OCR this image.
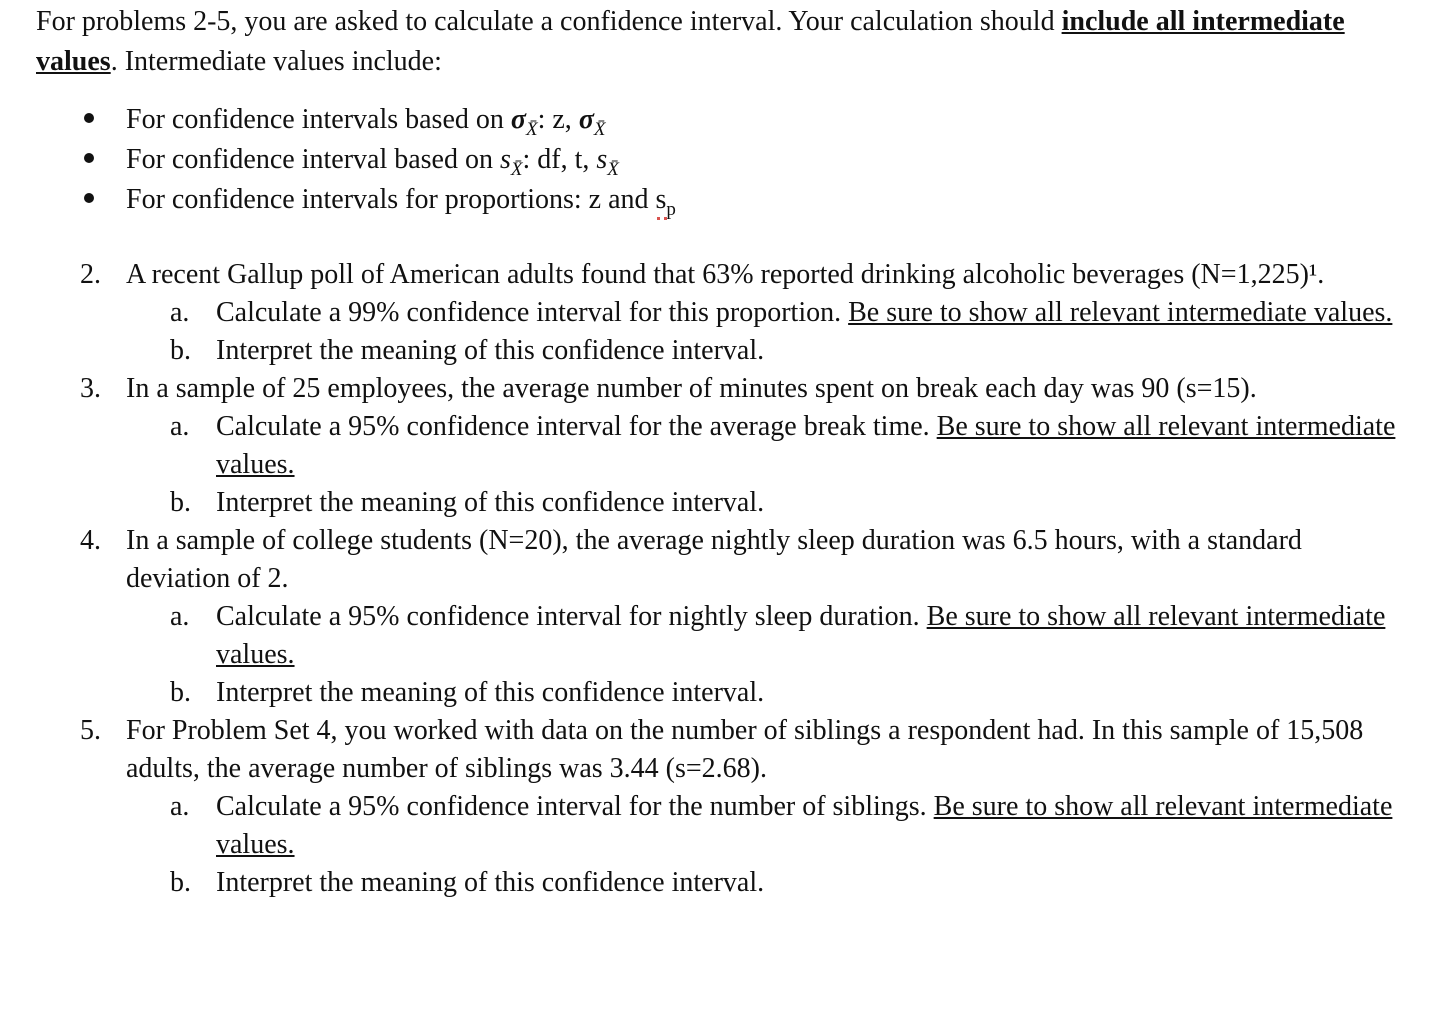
For problems 2-5, you are asked to calculate a confidence interval. Your calculation should include all intermediate values. Intermediate values include:
For confidence intervals based on $\sigma_{X̄}$: z, $\sigma_{X̄}$
For confidence interval based on $s_{X̄}$: df, t, $s_{X̄}$
For confidence intervals for proportions: z and $s_p$
2. A recent Gallup poll of American adults found that 63% reported drinking alcoholic beverages (N=1,225)¹.
a. Calculate a 99% confidence interval for this proportion. Be sure to show all relevant intermediate values.
b. Interpret the meaning of this confidence interval.
3. In a sample of 25 employees, the average number of minutes spent on break each day was 90 (s=15).
a. Calculate a 95% confidence interval for the average break time. Be sure to show all relevant intermediate values.
b. Interpret the meaning of this confidence interval.
4. In a sample of college students (N=20), the average nightly sleep duration was 6.5 hours, with a standard deviation of 2.
a. Calculate a 95% confidence interval for nightly sleep duration. Be sure to show all relevant intermediate values.
b. Interpret the meaning of this confidence interval.
5. For Problem Set 4, you worked with data on the number of siblings a respondent had. In this sample of 15,508 adults, the average number of siblings was 3.44 (s=2.68).
a. Calculate a 95% confidence interval for the number of siblings. Be sure to show all relevant intermediate values.
b. Interpret the meaning of this confidence interval.
